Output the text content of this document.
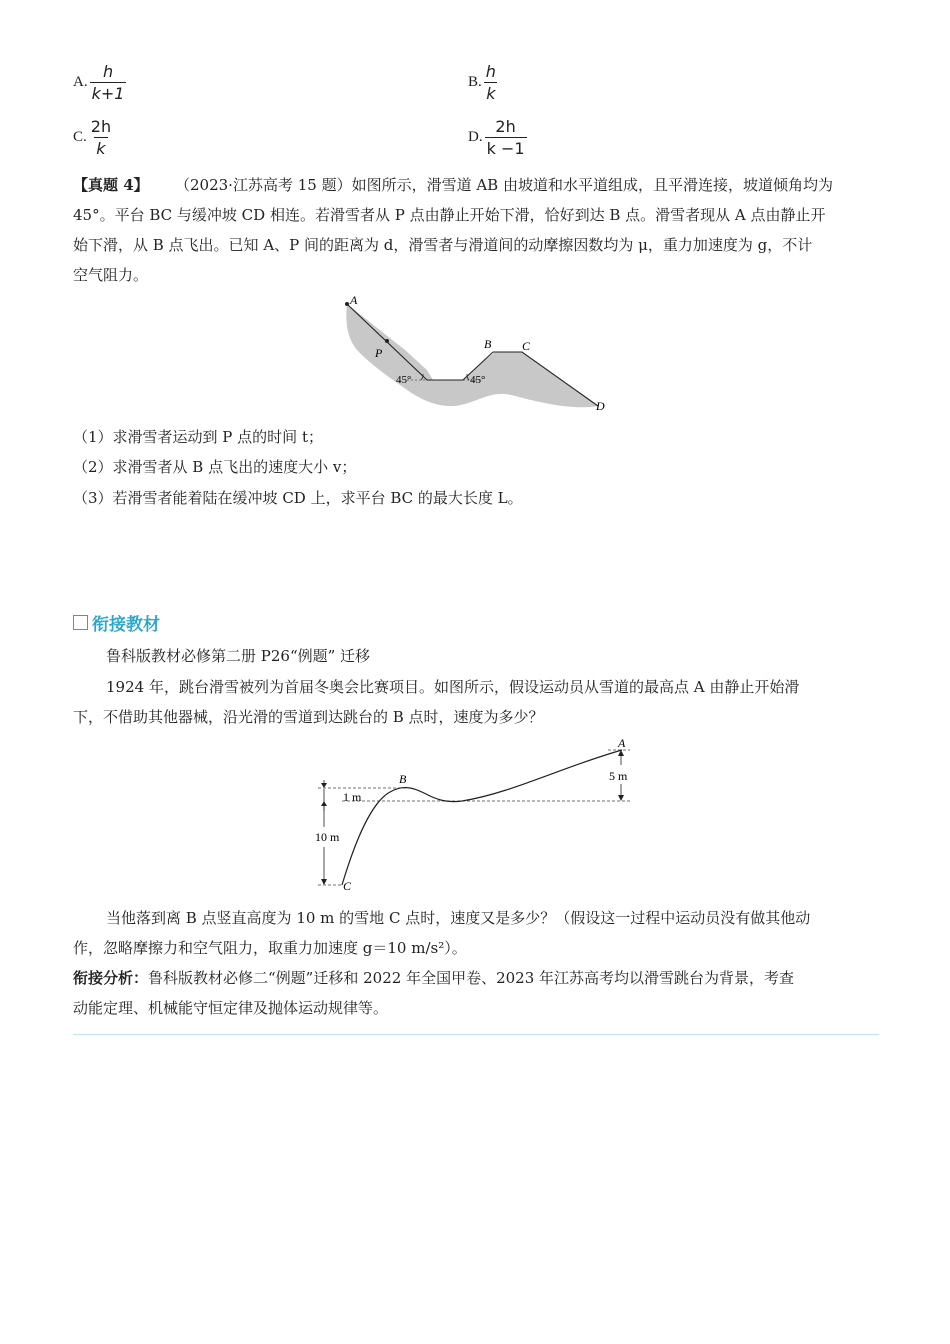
A. $\frac{h}{k+1}$	B. $\frac{h}{k}$
C. $\frac{2h}{k}$	D. $\frac{2h}{k -1}$
【真题 4】 （2023·江苏高考 15 题）如图所示，滑雪道 AB 由坡道和水平道组成，且平滑连接，坡道倾角均为
45°。平台 BC 与缓冲坡 CD 相连。若滑雪者从 P 点由静止开始下滑，恰好到达 B 点。滑雪者现从 A 点由静止开
始下滑，从 B 点飞出。已知 A、P 间的距离为 d，滑雪者与滑道间的动摩擦因数均为 μ，重力加速度为 g，不计
空气阻力。
A
P
B	C
D
45°	45°
（1）求滑雪者运动到 P 点的时间 t；
（2）求滑雪者从 B 点飞出的速度大小 v；
（3）若滑雪者能着陆在缓冲坡 CD 上，求平台 BC 的最大长度 L。
衔接教材
鲁科版教材必修第二册 P26“例题” 迁移
1924 年，跳台滑雪被列为首届冬奥会比赛项目。如图所示，假设运动员从雪道的最高点 A 由静止开始滑
下，不借助其他器械，沿光滑的雪道到达跳台的 B 点时，速度为多少？
A
B
C
1 m
5 m
10 m
当他落到离 B 点竖直高度为 10 m 的雪地 C 点时，速度又是多少？（假设这一过程中运动员没有做其他动
作，忽略摩擦力和空气阻力，取重力加速度 g＝10 m/s²）。
衔接分析：鲁科版教材必修二“例题”迁移和 2022 年全国甲卷、2023 年江苏高考均以滑雪跳台为背景，考查
动能定理、机械能守恒定律及抛体运动规律等。
